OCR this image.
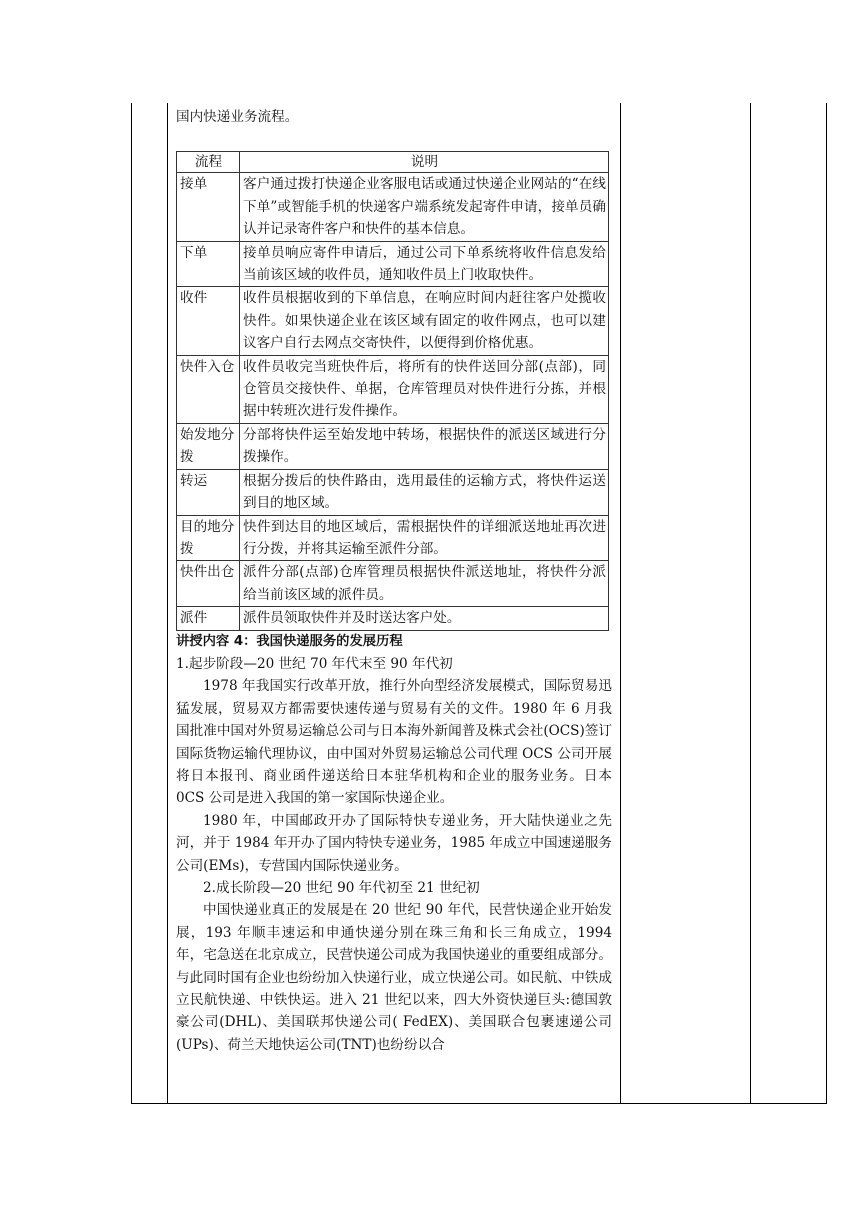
国内快递业务流程。

流程	说明
接单	客户通过拨打快递企业客服电话或通过快递企业网站的“在线下单”或智能手机的快递客户端系统发起寄件申请，接单员确认并记录寄件客户和快件的基本信息。
下单	接单员响应寄件申请后，通过公司下单系统将收件信息发给当前该区域的收件员，通知收件员上门收取快件。
收件	收件员根据收到的下单信息，在响应时间内赶往客户处揽收快件。如果快递企业在该区域有固定的收件网点，也可以建议客户自行去网点交寄快件，以便得到价格优惠。
快件入仓	收件员收完当班快件后，将所有的快件送回分部(点部)，同仓管员交接快件、单据，仓库管理员对快件进行分拣，并根据中转班次进行发件操作。
始发地分拨	分部将快件运至始发地中转场，根据快件的派送区域进行分拨操作。
转运	根据分拨后的快件路由，选用最佳的运输方式，将快件运送到目的地区域。
目的地分拨	快件到达目的地区域后，需根据快件的详细派送地址再次进行分拨，并将其运输至派件分部。
快件出仓	派件分部(点部)仓库管理员根据快件派送地址，将快件分派给当前该区域的派件员。
派件	派件员领取快件并及时送达客户处。

讲授内容 4：我国快递服务的发展历程

1.起步阶段—20 世纪 70 年代末至 90 年代初

1978 年我国实行改革开放，推行外向型经济发展模式，国际贸易迅猛发展，贸易双方都需要快速传递与贸易有关的文件。1980 年 6 月我国批准中国对外贸易运输总公司与日本海外新闻普及株式会社(OCS)签订国际货物运输代理协议，由中国对外贸易运输总公司代理 OCS 公司开展将日本报刊、商业函件递送给日本驻华机构和企业的服务业务。日本 0CS 公司是进入我国的第一家国际快递企业。

1980 年，中国邮政开办了国际特快专递业务，开大陆快递业之先河，并于 1984 年开办了国内特快专递业务，1985 年成立中国速递服务公司(EMs)，专营国内国际快递业务。

2.成长阶段—20 世纪 90 年代初至 21 世纪初

中国快递业真正的发展是在 20 世纪 90 年代，民营快递企业开始发展，193 年顺丰速运和申通快递分别在珠三角和长三角成立，1994 年，宅急送在北京成立，民营快递公司成为我国快递业的重要组成部分。与此同时国有企业也纷纷加入快递行业，成立快递公司。如民航、中铁成立民航快递、中铁快运。进入 21 世纪以来，四大外资快递巨头:德国敦豪公司(DHL)、美国联邦快递公司( FedEX)、美国联合包裹速递公司(UPs)、荷兰天地快运公司(TNT)也纷纷以合
